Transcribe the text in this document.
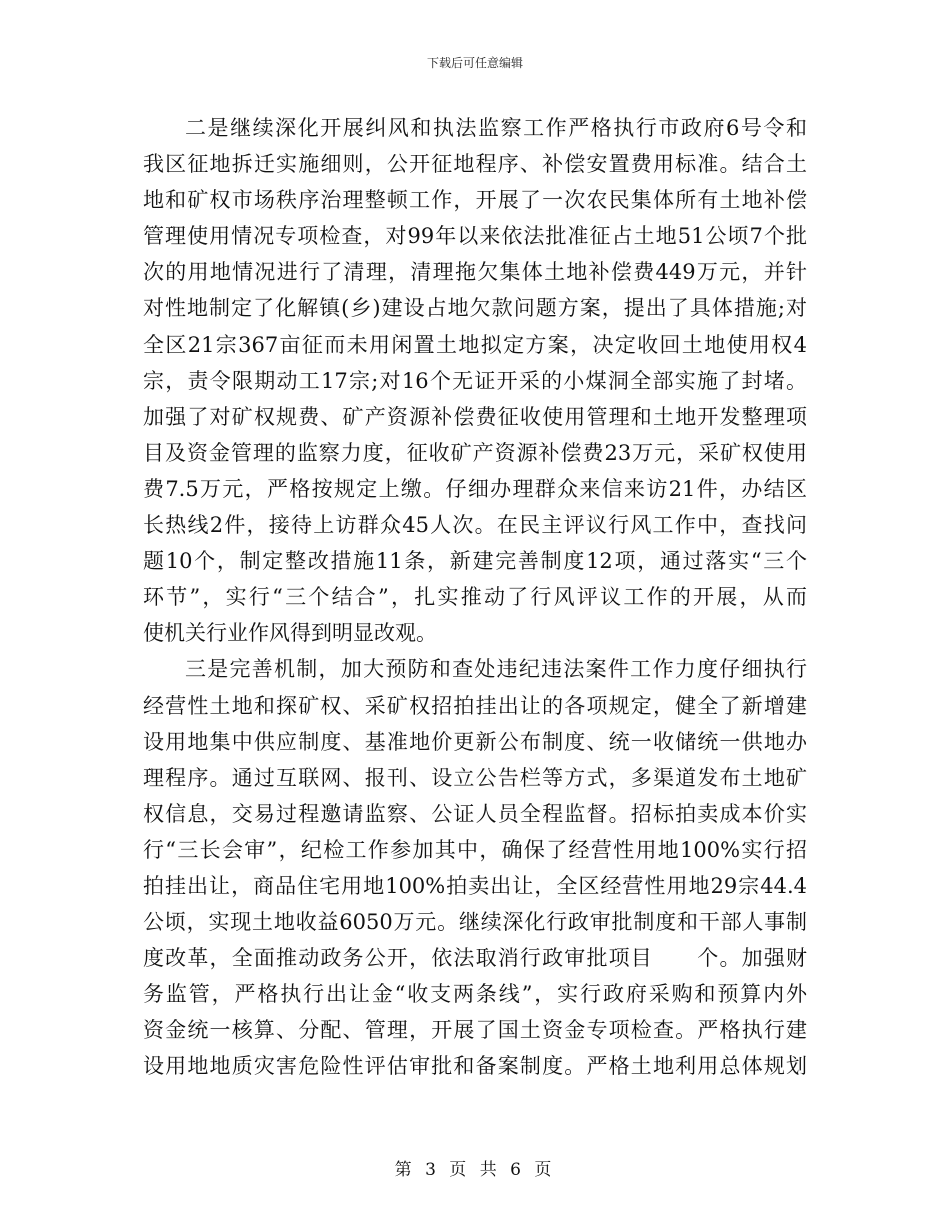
下载后可任意编辑
二是继续深化开展纠风和执法监察工作严格执行市政府6号令和
我区征地拆迁实施细则，公开征地程序、补偿安置费用标准。结合土
地和矿权市场秩序治理整顿工作，开展了一次农民集体所有土地补偿
管理使用情况专项检查，对99年以来依法批准征占土地51公顷7个批
次的用地情况进行了清理，清理拖欠集体土地补偿费449万元，并针
对性地制定了化解镇(乡)建设占地欠款问题方案，提出了具体措施;对
全区21宗367亩征而未用闲置土地拟定方案，决定收回土地使用权4
宗，责令限期动工17宗;对16个无证开采的小煤洞全部实施了封堵。
加强了对矿权规费、矿产资源补偿费征收使用管理和土地开发整理项
目及资金管理的监察力度，征收矿产资源补偿费23万元，采矿权使用
费7.5万元，严格按规定上缴。仔细办理群众来信来访21件，办结区
长热线2件，接待上访群众45人次。在民主评议行风工作中，查找问
题10个，制定整改措施11条，新建完善制度12项，通过落实“三个
环节”，实行“三个结合”，扎实推动了行风评议工作的开展，从而
使机关行业作风得到明显改观。
三是完善机制，加大预防和查处违纪违法案件工作力度仔细执行
经营性土地和探矿权、采矿权招拍挂出让的各项规定，健全了新增建
设用地集中供应制度、基准地价更新公布制度、统一收储统一供地办
理程序。通过互联网、报刊、设立公告栏等方式，多渠道发布土地矿
权信息，交易过程邀请监察、公证人员全程监督。招标拍卖成本价实
行“三长会审”，纪检工作参加其中，确保了经营性用地100%实行招
拍挂出让，商品住宅用地100%拍卖出让，全区经营性用地29宗44.4
公顷，实现土地收益6050万元。继续深化行政审批制度和干部人事制
度改革，全面推动政务公开，依法取消行政审批项目　　个。加强财
务监管，严格执行出让金“收支两条线”，实行政府采购和预算内外
资金统一核算、分配、管理，开展了国土资金专项检查。严格执行建
设用地地质灾害危险性评估审批和备案制度。严格土地利用总体规划
第 3 页 共 6 页
